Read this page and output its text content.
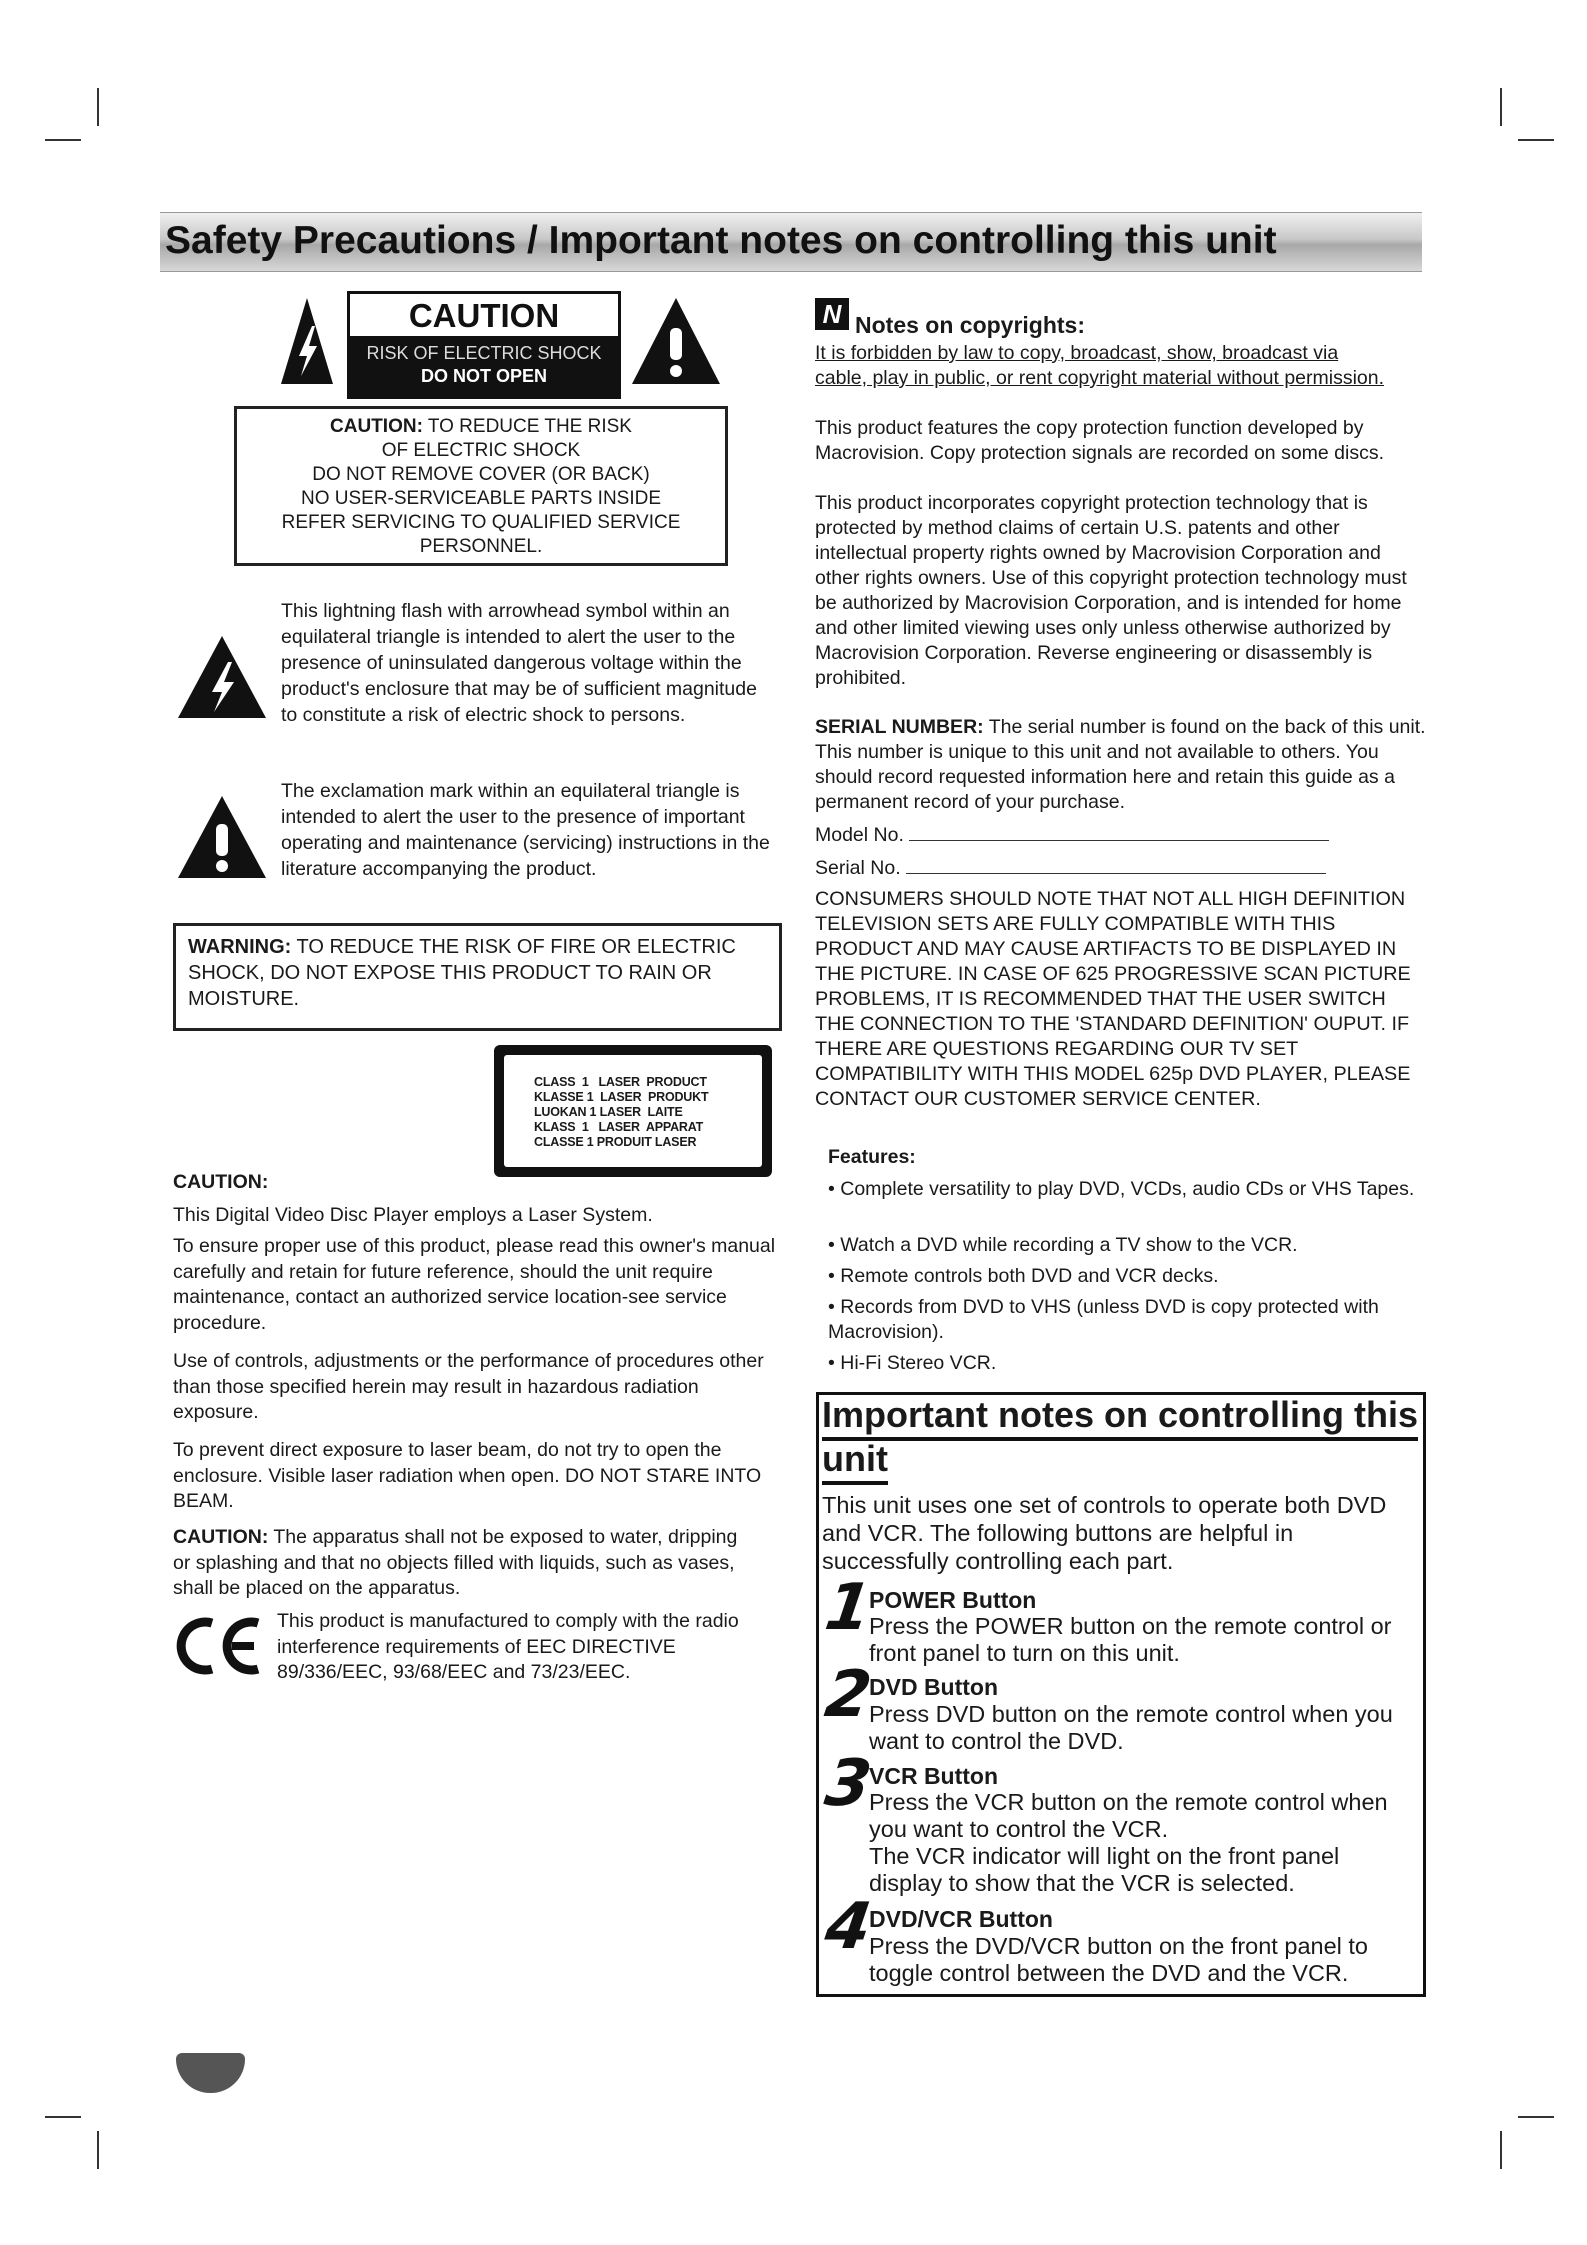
Safety Precautions / Important notes on controlling this unit
CAUTION
RISK OF ELECTRIC SHOCK
DO NOT OPEN
CAUTION: TO REDUCE THE RISK
OF ELECTRIC SHOCK
DO NOT REMOVE COVER (OR BACK)
NO USER-SERVICEABLE PARTS INSIDE
REFER SERVICING TO QUALIFIED SERVICE
PERSONNEL.
This lightning flash with arrowhead symbol within an equilateral triangle is intended to alert the user to the presence of uninsulated dangerous voltage within the product's enclosure that may be of sufficient magnitude to constitute a risk of electric shock to persons.
The exclamation mark within an equilateral triangle is intended to alert the user to the presence of important operating and maintenance (servicing) instructions in the literature accompanying the product.
WARNING: TO REDUCE THE RISK OF FIRE OR ELECTRIC SHOCK, DO NOT EXPOSE THIS PRODUCT TO RAIN OR MOISTURE.
CLASS  1   LASER  PRODUCT
KLASSE 1  LASER  PRODUKT
LUOKAN 1 LASER  LAITE
KLASS  1   LASER  APPARAT
CLASSE 1 PRODUIT LASER
CAUTION:
This Digital Video Disc Player employs a Laser System.
To ensure proper use of this product, please read this owner's manual carefully and retain for future reference, should the unit require maintenance, contact an authorized service location-see service procedure.
Use of controls, adjustments or the performance of procedures other than those specified herein may result in hazardous radiation exposure.
To prevent direct exposure to laser beam, do not try to open the enclosure. Visible laser radiation when open. DO NOT STARE INTO BEAM.
CAUTION: The apparatus shall not be exposed to water, dripping or splashing and that no objects filled with liquids, such as vases, shall be placed on the apparatus.
This product is manufactured to comply with the radio interference requirements of EEC DIRECTIVE 89/336/EEC, 93/68/EEC and 73/23/EEC.
N Notes on copyrights:
It is forbidden by law to copy, broadcast, show, broadcast via cable, play in public, or rent copyright material without permission.
This product features the copy protection function developed by Macrovision. Copy protection signals are recorded on some discs.
This product incorporates copyright protection technology that is protected by method claims of certain U.S. patents and other intellectual property rights owned by Macrovision Corporation and other rights owners. Use of this copyright protection technology must be authorized by Macrovision Corporation, and is intended for home and other limited viewing uses only unless otherwise authorized by Macrovision Corporation. Reverse engineering or disassembly is prohibited.
SERIAL NUMBER: The serial number is found on the back of this unit. This number is unique to this unit and not available to others. You should record requested information here and retain this guide as a permanent record of your purchase.
Model No.
Serial No.
CONSUMERS SHOULD NOTE THAT NOT ALL HIGH DEFINITION TELEVISION SETS ARE FULLY COMPATIBLE WITH THIS PRODUCT AND MAY CAUSE ARTIFACTS TO BE DISPLAYED IN THE PICTURE. IN CASE OF 625 PROGRESSIVE SCAN PICTURE PROBLEMS, IT IS RECOMMENDED THAT THE USER SWITCH THE CONNECTION TO THE 'STANDARD DEFINITION' OUPUT. IF THERE ARE QUESTIONS REGARDING OUR TV SET COMPATIBILITY WITH THIS MODEL 625p DVD PLAYER, PLEASE CONTACT OUR CUSTOMER SERVICE CENTER.
Features:
• Complete versatility to play DVD, VCDs, audio CDs or VHS Tapes.
• Watch a DVD while recording a TV show to the VCR.
• Remote controls both DVD and VCR decks.
• Records from DVD to VHS (unless DVD is copy protected with Macrovision).
• Hi-Fi Stereo VCR.
Important notes on controlling this
unit
This unit uses one set of controls to operate both DVD and VCR. The following buttons are helpful in successfully controlling each part.
1
POWER Button
Press the POWER button on the remote control or front panel to turn on this unit.
2
DVD Button
Press DVD button on the remote control when you want to control the DVD.
3
VCR Button
Press the VCR button on the remote control when you want to control the VCR.
The VCR indicator will light on the front panel display to show that the VCR is selected.
4
DVD/VCR Button
Press the DVD/VCR button on the front panel to toggle control between the DVD and the VCR.
